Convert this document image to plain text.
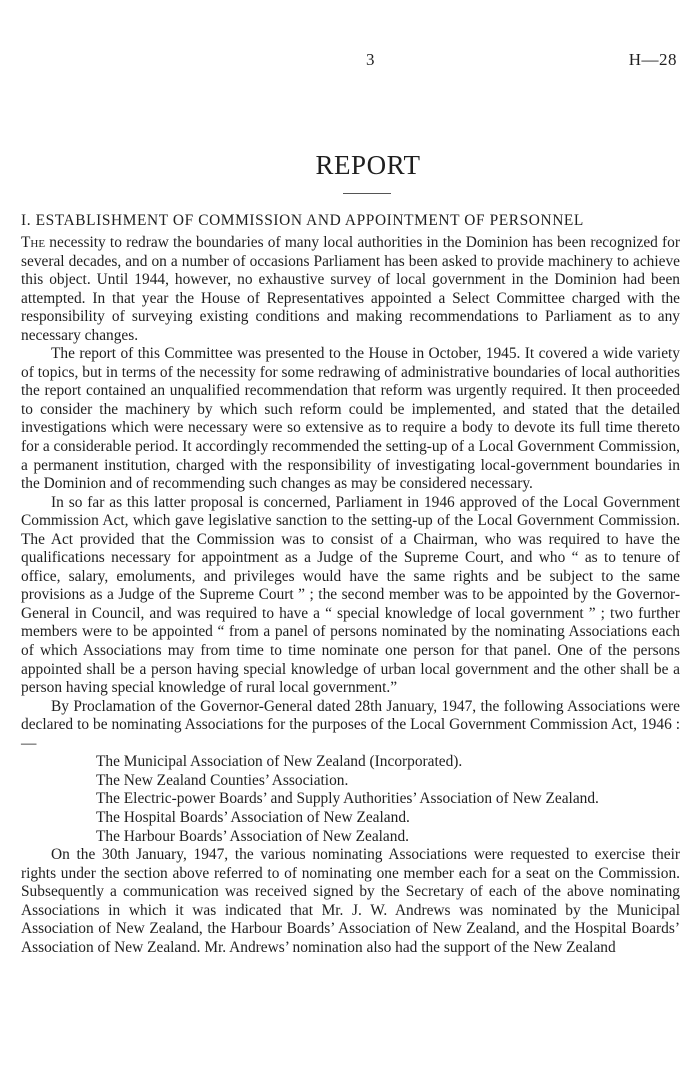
3	H—28
REPORT
I. ESTABLISHMENT OF COMMISSION AND APPOINTMENT OF PERSONNEL

The necessity to redraw the boundaries of many local authorities in the Dominion has been recognized for several decades, and on a number of occasions Parliament has been asked to provide machinery to achieve this object. Until 1944, however, no exhaustive survey of local government in the Dominion had been attempted. In that year the House of Representatives appointed a Select Committee charged with the responsibility of surveying existing conditions and making recommendations to Parliament as to any necessary changes.

The report of this Committee was presented to the House in October, 1945. It covered a wide variety of topics, but in terms of the necessity for some redrawing of administrative boundaries of local authorities the report contained an unqualified recommendation that reform was urgently required. It then proceeded to consider the machinery by which such reform could be implemented, and stated that the detailed investigations which were necessary were so extensive as to require a body to devote its full time thereto for a considerable period. It accordingly recommended the setting-up of a Local Government Commission, a permanent institution, charged with the responsibility of investigating local-government boundaries in the Dominion and of recommending such changes as may be considered necessary.

In so far as this latter proposal is concerned, Parliament in 1946 approved of the Local Government Commission Act, which gave legislative sanction to the setting-up of the Local Government Commission. The Act provided that the Commission was to consist of a Chairman, who was required to have the qualifications necessary for appointment as a Judge of the Supreme Court, and who “ as to tenure of office, salary, emoluments, and privileges would have the same rights and be subject to the same provisions as a Judge of the Supreme Court ” ; the second member was to be appointed by the Governor-General in Council, and was required to have a “ special knowledge of local government ” ; two further members were to be appointed “ from a panel of persons nominated by the nominating Associations each of which Associations may from time to time nominate one person for that panel. One of the persons appointed shall be a person having special knowledge of urban local government and the other shall be a person having special knowledge of rural local government.”

By Proclamation of the Governor-General dated 28th January, 1947, the following Associations were declared to be nominating Associations for the purposes of the Local Government Commission Act, 1946 :—

The Municipal Association of New Zealand (Incorporated).
The New Zealand Counties’ Association.
The Electric-power Boards’ and Supply Authorities’ Association of New Zealand.
The Hospital Boards’ Association of New Zealand.
The Harbour Boards’ Association of New Zealand.

On the 30th January, 1947, the various nominating Associations were requested to exercise their rights under the section above referred to of nominating one member each for a seat on the Commission. Subsequently a communication was received signed by the Secretary of each of the above nominating Associations in which it was indicated that Mr. J. W. Andrews was nominated by the Municipal Association of New Zealand, the Harbour Boards’ Association of New Zealand, and the Hospital Boards’ Association of New Zealand. Mr. Andrews’ nomination also had the support of the New Zealand
